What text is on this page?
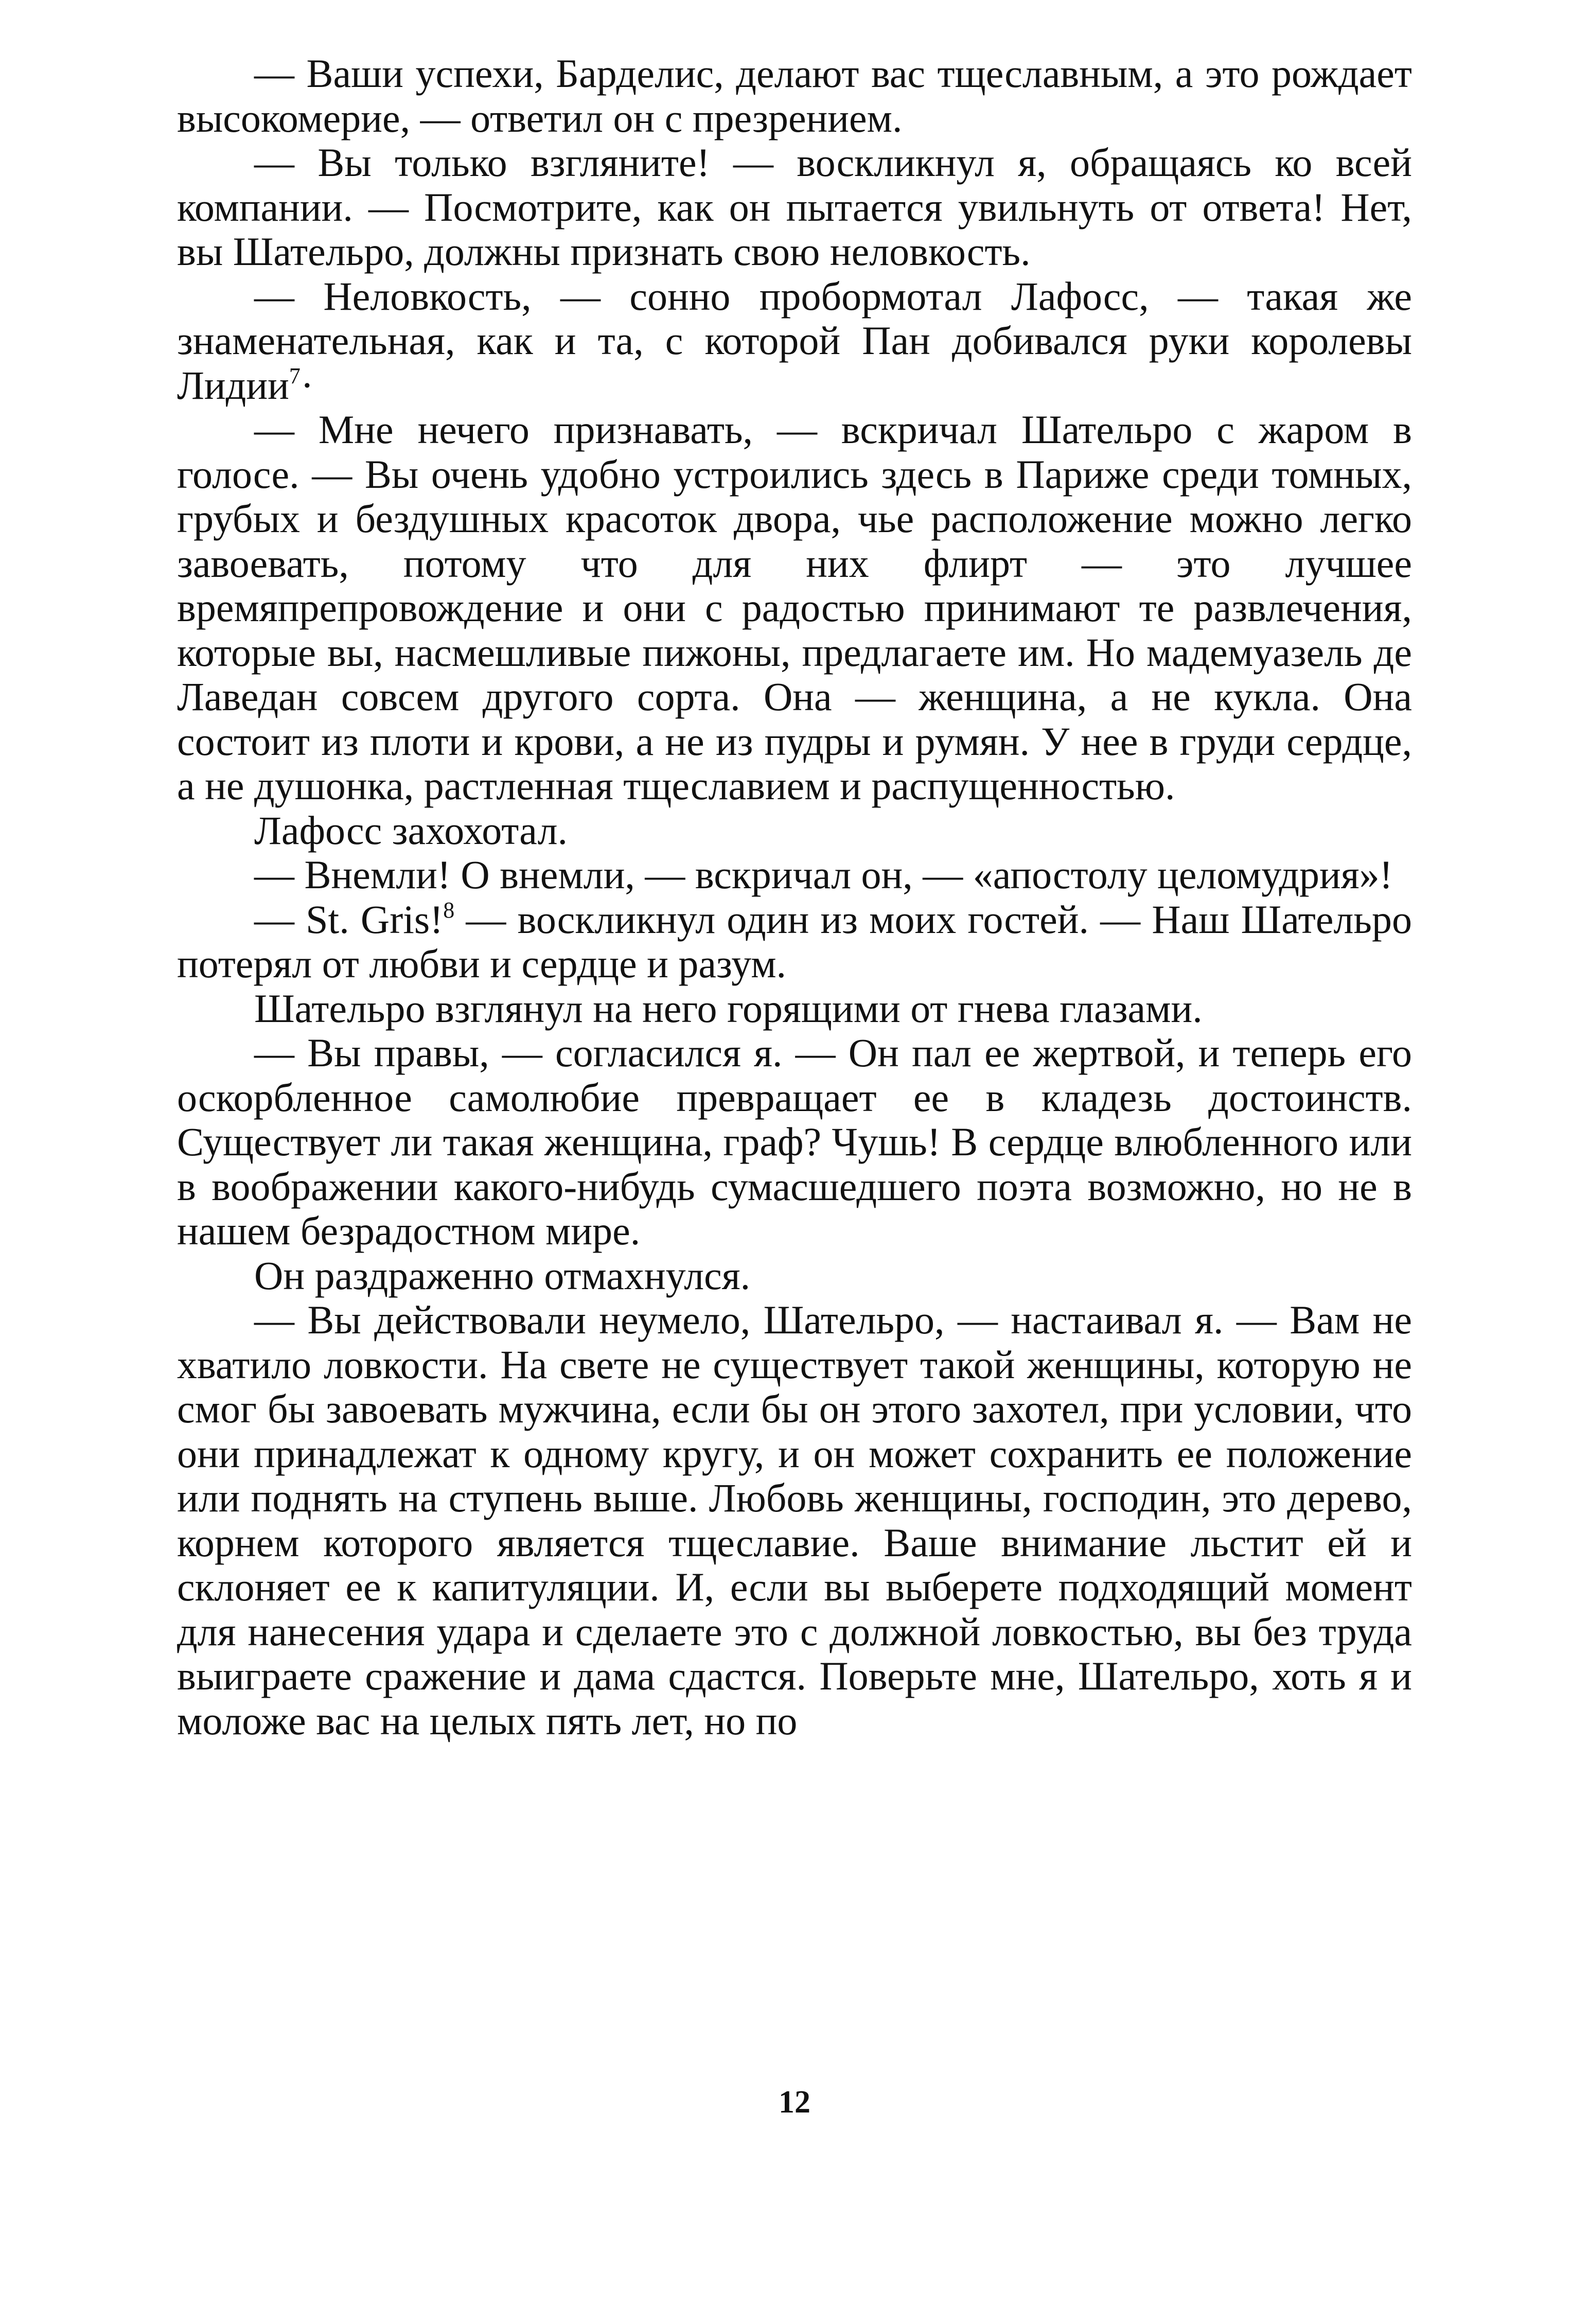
— Ваши успехи, Барделис, делают вас тщеславным, а это рождает высокомерие, — ответил он с презрением.

— Вы только взгляните! — воскликнул я, обращаясь ко всей компании. — Посмотрите, как он пытается увильнуть от ответа! Нет, вы Шательро, должны признать свою неловкость.

— Неловкость, — сонно пробормотал Лафосс, — такая же знаменательная, как и та, с которой Пан добивался руки королевы Лидии$^7$·

— Мне нечего признавать, — вскричал Шательро с жаром в голосе. — Вы очень удобно устроились здесь в Париже среди томных, грубых и бездушных красоток двора, чье расположение можно легко завоевать, потому что для них флирт — это лучшее времяпрепровождение и они с радостью принимают те развлечения, которые вы, насмешливые пижоны, предлагаете им. Но мадемуазель де Лаведан совсем другого сорта. Она — женщина, а не кукла. Она состоит из плоти и крови, а не из пудры и румян. У нее в груди сердце, а не душонка, растленная тщеславием и распущенностью.

Лафосс захохотал.

— Внемли! О внемли, — вскричал он, — «апостолу целомудрия»!

— St. Gris!$^8$ — воскликнул один из моих гостей. — Наш Шательро потерял от любви и сердце и разум.

Шательро взглянул на него горящими от гнева глазами.

— Вы правы, — согласился я. — Он пал ее жертвой, и теперь его оскорбленное самолюбие превращает ее в кладезь достоинств. Существует ли такая женщина, граф? Чушь! В сердце влюбленного или в воображении какого-нибудь сумасшедшего поэта возможно, но не в нашем безрадостном мире.

Он раздраженно отмахнулся.

— Вы действовали неумело, Шательро, — настаивал я. — Вам не хватило ловкости. На свете не существует такой женщины, которую не смог бы завоевать мужчина, если бы он этого захотел, при условии, что они принадлежат к одному кругу, и он может сохранить ее положение или поднять на ступень выше. Любовь женщины, господин, это дерево, корнем которого является тщеславие. Ваше внимание льстит ей и склоняет ее к капитуляции. И, если вы выберете подходящий момент для нанесения удара и сделаете это с должной ловкостью, вы без труда выиграете сражение и дама сдастся. Поверьте мне, Шательро, хоть я и моложе вас на целых пять лет, но по

12
